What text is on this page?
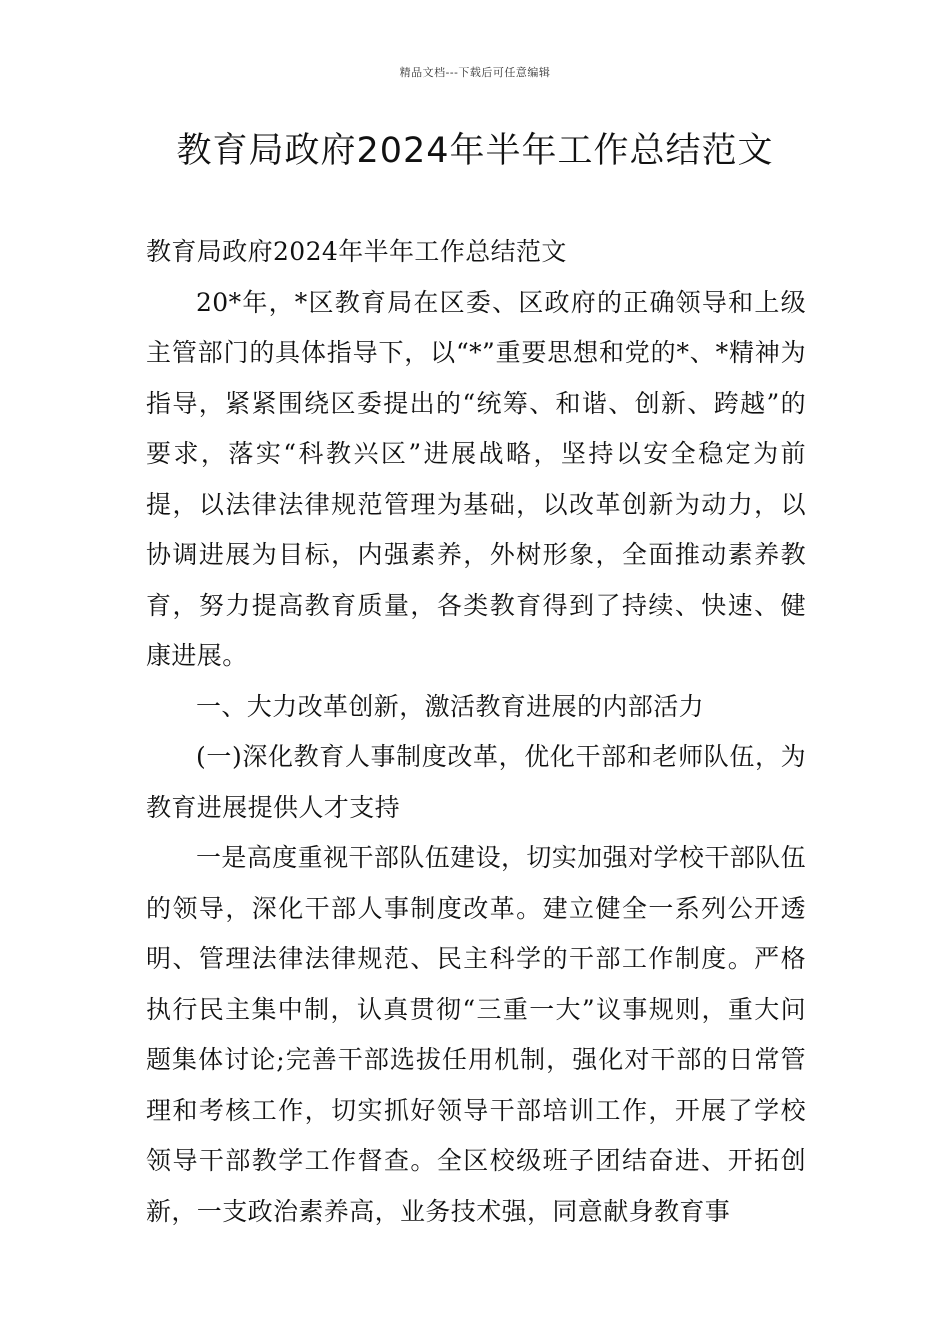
精品文档---下载后可任意编辑
教育局政府2024年半年工作总结范文

教育局政府2024年半年工作总结范文

20*年，*区教育局在区委、区政府的正确领导和上级主管部门的具体指导下，以“*”重要思想和党的*、*精神为指导，紧紧围绕区委提出的“统筹、和谐、创新、跨越”的要求，落实“科教兴区”进展战略，坚持以安全稳定为前提，以法律法律规范管理为基础，以改革创新为动力，以协调进展为目标，内强素养，外树形象，全面推动素养教育，努力提高教育质量，各类教育得到了持续、快速、健康进展。

一、大力改革创新，激活教育进展的内部活力

(一)深化教育人事制度改革，优化干部和老师队伍，为教育进展提供人才支持

一是高度重视干部队伍建设，切实加强对学校干部队伍的领导，深化干部人事制度改革。建立健全一系列公开透明、管理法律法律规范、民主科学的干部工作制度。严格执行民主集中制，认真贯彻“三重一大”议事规则，重大问题集体讨论;完善干部选拔任用机制，强化对干部的日常管理和考核工作，切实抓好领导干部培训工作，开展了学校领导干部教学工作督查。全区校级班子团结奋进、开拓创新，一支政治素养高，业务技术强，同意献身教育事
